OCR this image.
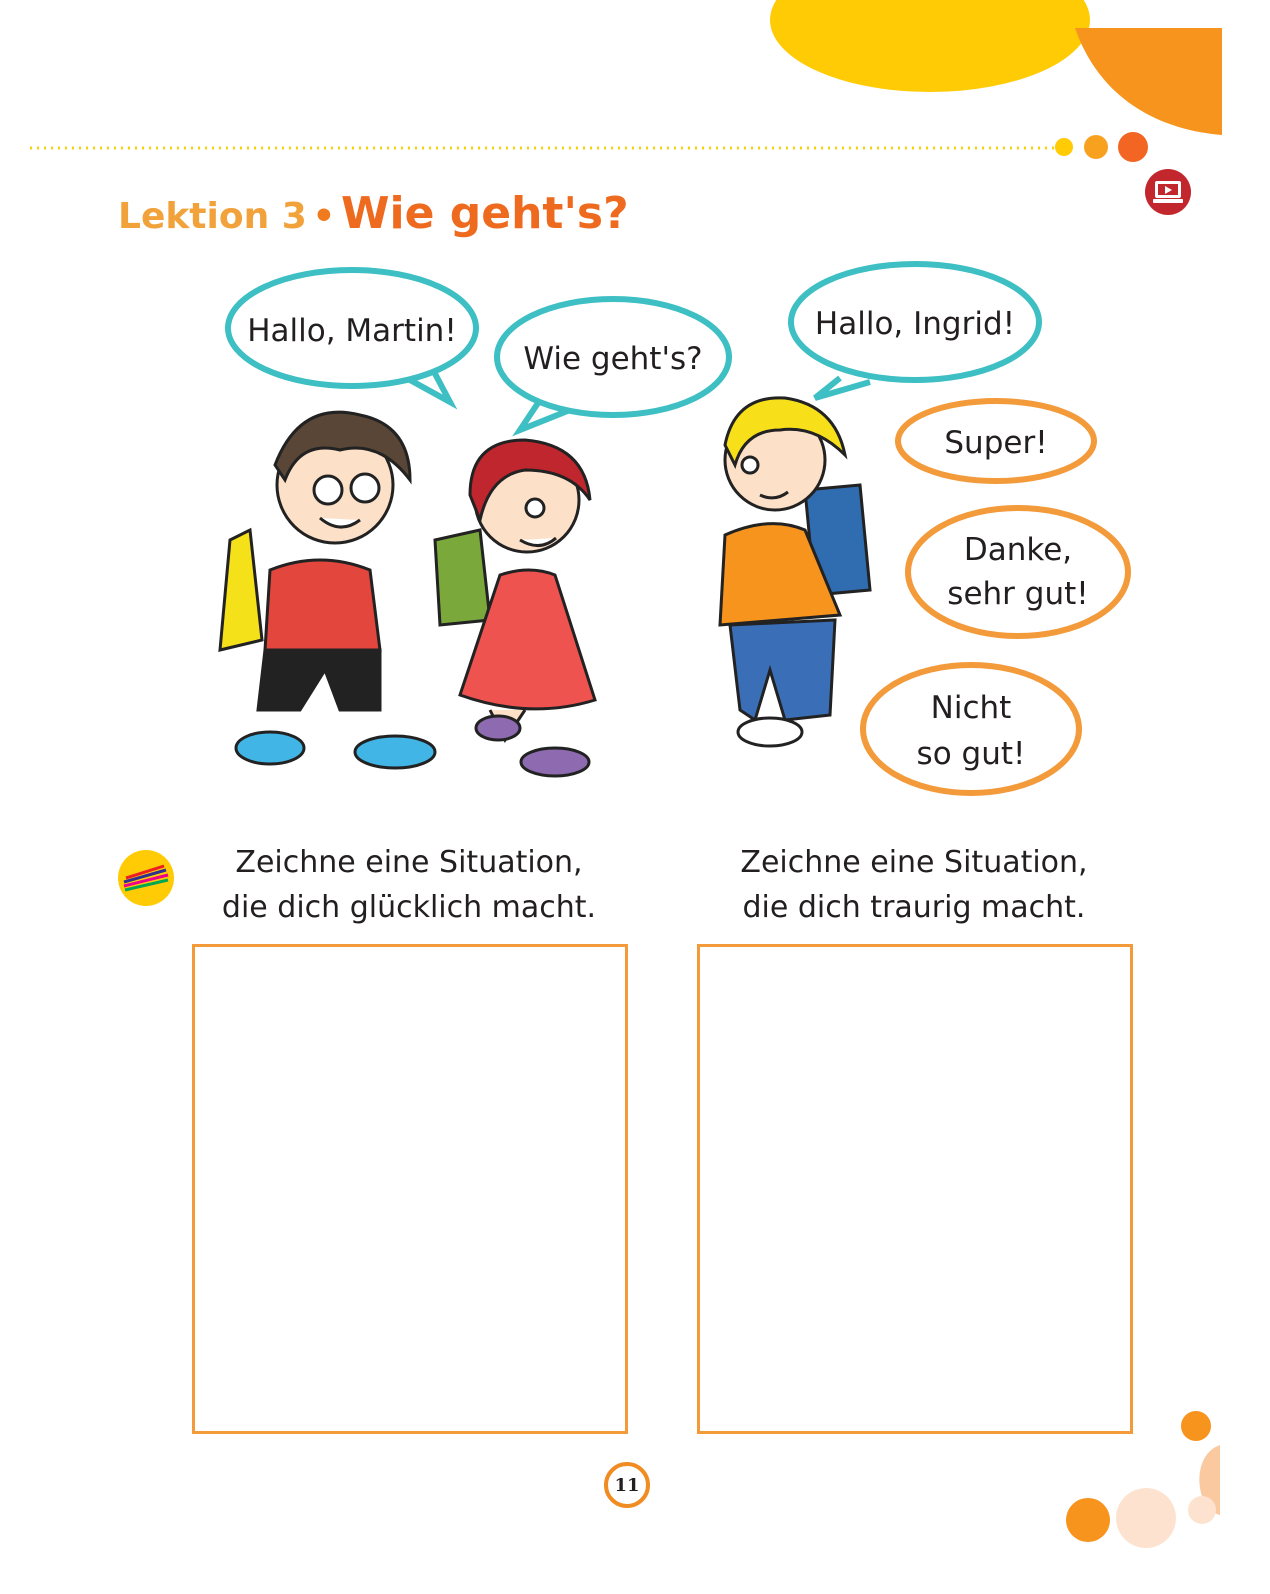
Lektion 3 • Wie geht's?
Hallo, Martin!
Wie geht's?
Hallo, Ingrid!
Super!
Danke,
sehr gut!
Nicht
so gut!
Zeichne eine Situation,
die dich glücklich macht.
Zeichne eine Situation,
die dich traurig macht.
11
